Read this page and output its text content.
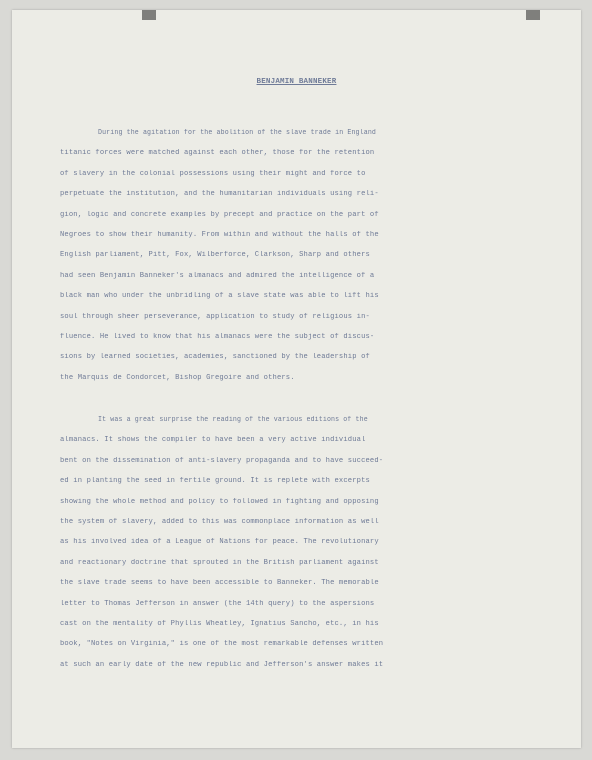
BENJAMIN BANNEKER
During the agitation for the abolition of the slave trade in England
titanic forces were matched against each other, those for the retention
of slavery in the colonial possessions using their might and force to
perpetuate the institution, and the humanitarian individuals using reli-
gion, logic and concrete examples by precept and practice on the part of
Negroes to show their humanity. From within and without the halls of the
English parliament, Pitt, Fox, Wilberforce, Clarkson, Sharp and others
had seen Benjamin Banneker's almanacs and admired the intelligence of a
black man who under the unbridling of a slave state was able to lift his
soul through sheer perseverance, application to study of religious in-
fluence. He lived to know that his almanacs were the subject of discus-
sions by learned societies, academies, sanctioned by the leadership of
the Marquis de Condorcet, Bishop Gregoire and others.
It was a great surprise the reading of the various editions of the
almanacs. It shows the compiler to have been a very active individual
bent on the dissemination of anti-slavery propaganda and to have succeed-
ed in planting the seed in fertile ground. It is replete with excerpts
showing the whole method and policy to followed in fighting and opposing
the system of slavery, added to this was commonplace information as well
as his involved idea of a League of Nations for peace. The revolutionary
and reactionary doctrine that sprouted in the British parliament against
the slave trade seems to have been accessible to Banneker. The memorable
letter to Thomas Jefferson in answer (the 14th query) to the aspersions
cast on the mentality of Phyllis Wheatley, Ignatius Sancho, etc., in his
book, "Notes on Virginia," is one of the most remarkable defenses written
at such an early date of the new republic and Jefferson's answer makes it
